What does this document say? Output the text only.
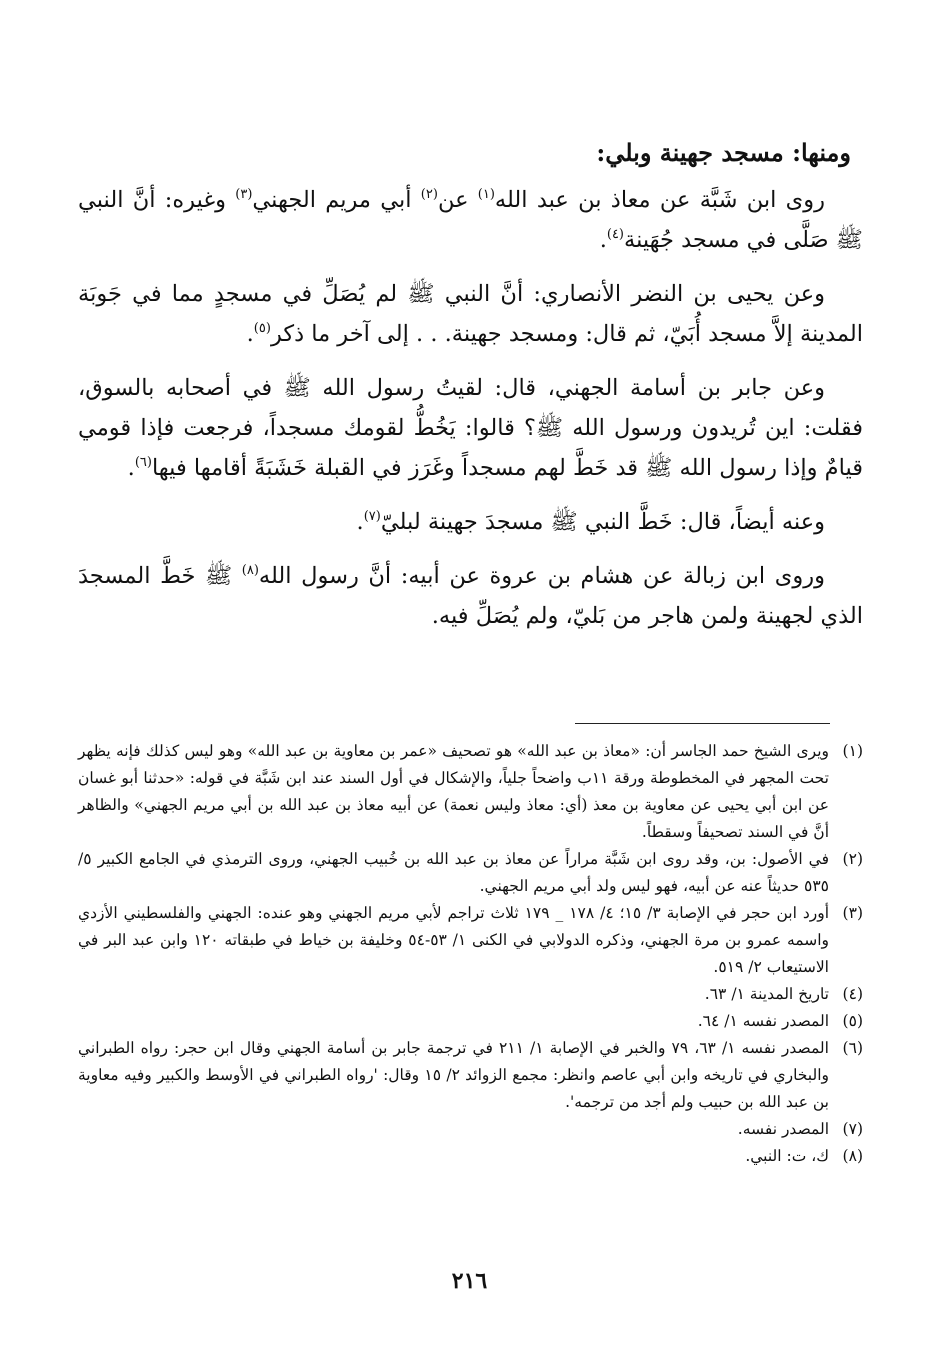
ومنها: مسجد جهينة وبلي:

روى ابن شَبَّة عن معاذ بن عبد الله$^{(١)}$ عن$^{(٢)}$ أبي مريم الجهني$^{(٣)}$ وغيره: أنَّ النبي ﷺ صَلَّى في مسجد جُهَينة$^{(٤)}$.

وعن يحيى بن النضر الأنصاري: أنَّ النبي ﷺ لم يُصَلِّ في مسجدٍ مما في جَوبَة المدينة إلاَّ مسجد أُبَيّ، ثم قال: ومسجد جهينة. . . إلى آخر ما ذكر$^{(٥)}$.

وعن جابر بن أسامة الجهني، قال: لقيتُ رسول الله ﷺ في أصحابه بالسوق، فقلت: اين تُريدون ورسول الله ﷺ؟ قالوا: يَخُطُّ لقومك مسجداً، فرجعت فإذا قومي قيامٌ وإذا رسول الله ﷺ قد خَطَّ لهم مسجداً وغَرَز في القبلة خَشَبَةً أقامها فيها$^{(٦)}$.

وعنه أيضاً، قال: خَطَّ النبي ﷺ مسجدَ جهينة لبليّ$^{(٧)}$.

وروى ابن زبالة عن هشام بن عروة عن أبيه: أنَّ رسول الله$^{(٨)}$ ﷺ خَطَّ المسجدَ الذي لجهينة ولمن هاجر من بَليّ، ولم يُصَلِّ فيه.

(١)
ويرى الشيخ حمد الجاسر أن: «معاذ بن عبد الله» هو تصحيف «عمر بن معاوية بن عبد الله» وهو ليس كذلك فإنه يظهر تحت المجهر في المخطوطة ورقة ١١ب واضحاً جلياً، والإشكال في أول السند عند ابن شَبَّة في قوله: «حدثنا أبو غسان عن ابن أبي يحيى عن معاوية بن معذ (أي: معاذ وليس نعمة) عن أبيه معاذ بن عبد الله بن أبي مريم الجهني» والظاهر أنَّ في السند تصحيفاً وسقطاً.
(٢)
في الأصول: بن، وقد روى ابن شَبَّة مراراً عن معاذ بن عبد الله بن خُبيب الجهني، وروى الترمذي في الجامع الكبير ٥/ ٥٣٥ حديثاً عنه عن أبيه، فهو ليس ولد أبي مريم الجهني.
(٣)
أورد ابن حجر في الإصابة ٣/ ١٥؛ ٤/ ١٧٨ _ ١٧٩ ثلاث تراجم لأبي مريم الجهني وهو عنده: الجهني والفلسطيني الأزدي واسمه عمرو بن مرة الجهني، وذكره الدولابي في الكنى ١/ ٥٣-٥٤ وخليفة بن خياط في طبقاته ١٢٠ وابن عبد البر في الاستيعاب ٢/ ٥١٩.
(٤)
تاريخ المدينة ١/ ٦٣.
(٥)
المصدر نفسه ١/ ٦٤.
(٦)
المصدر نفسه ١/ ٦٣، ٧٩ والخبر في الإصابة ١/ ٢١١ في ترجمة جابر بن أسامة الجهني وقال ابن حجر: رواه الطبراني والبخاري في تاريخه وابن أبي عاصم وانظر: مجمع الزوائد ٢/ ١٥ وقال: 'رواه الطبراني في الأوسط والكبير وفيه معاوية بن عبد الله بن حبيب ولم أجد من ترجمه'.
(٧)
المصدر نفسه.
(٨)
ك، ت: النبي.
٢١٦
